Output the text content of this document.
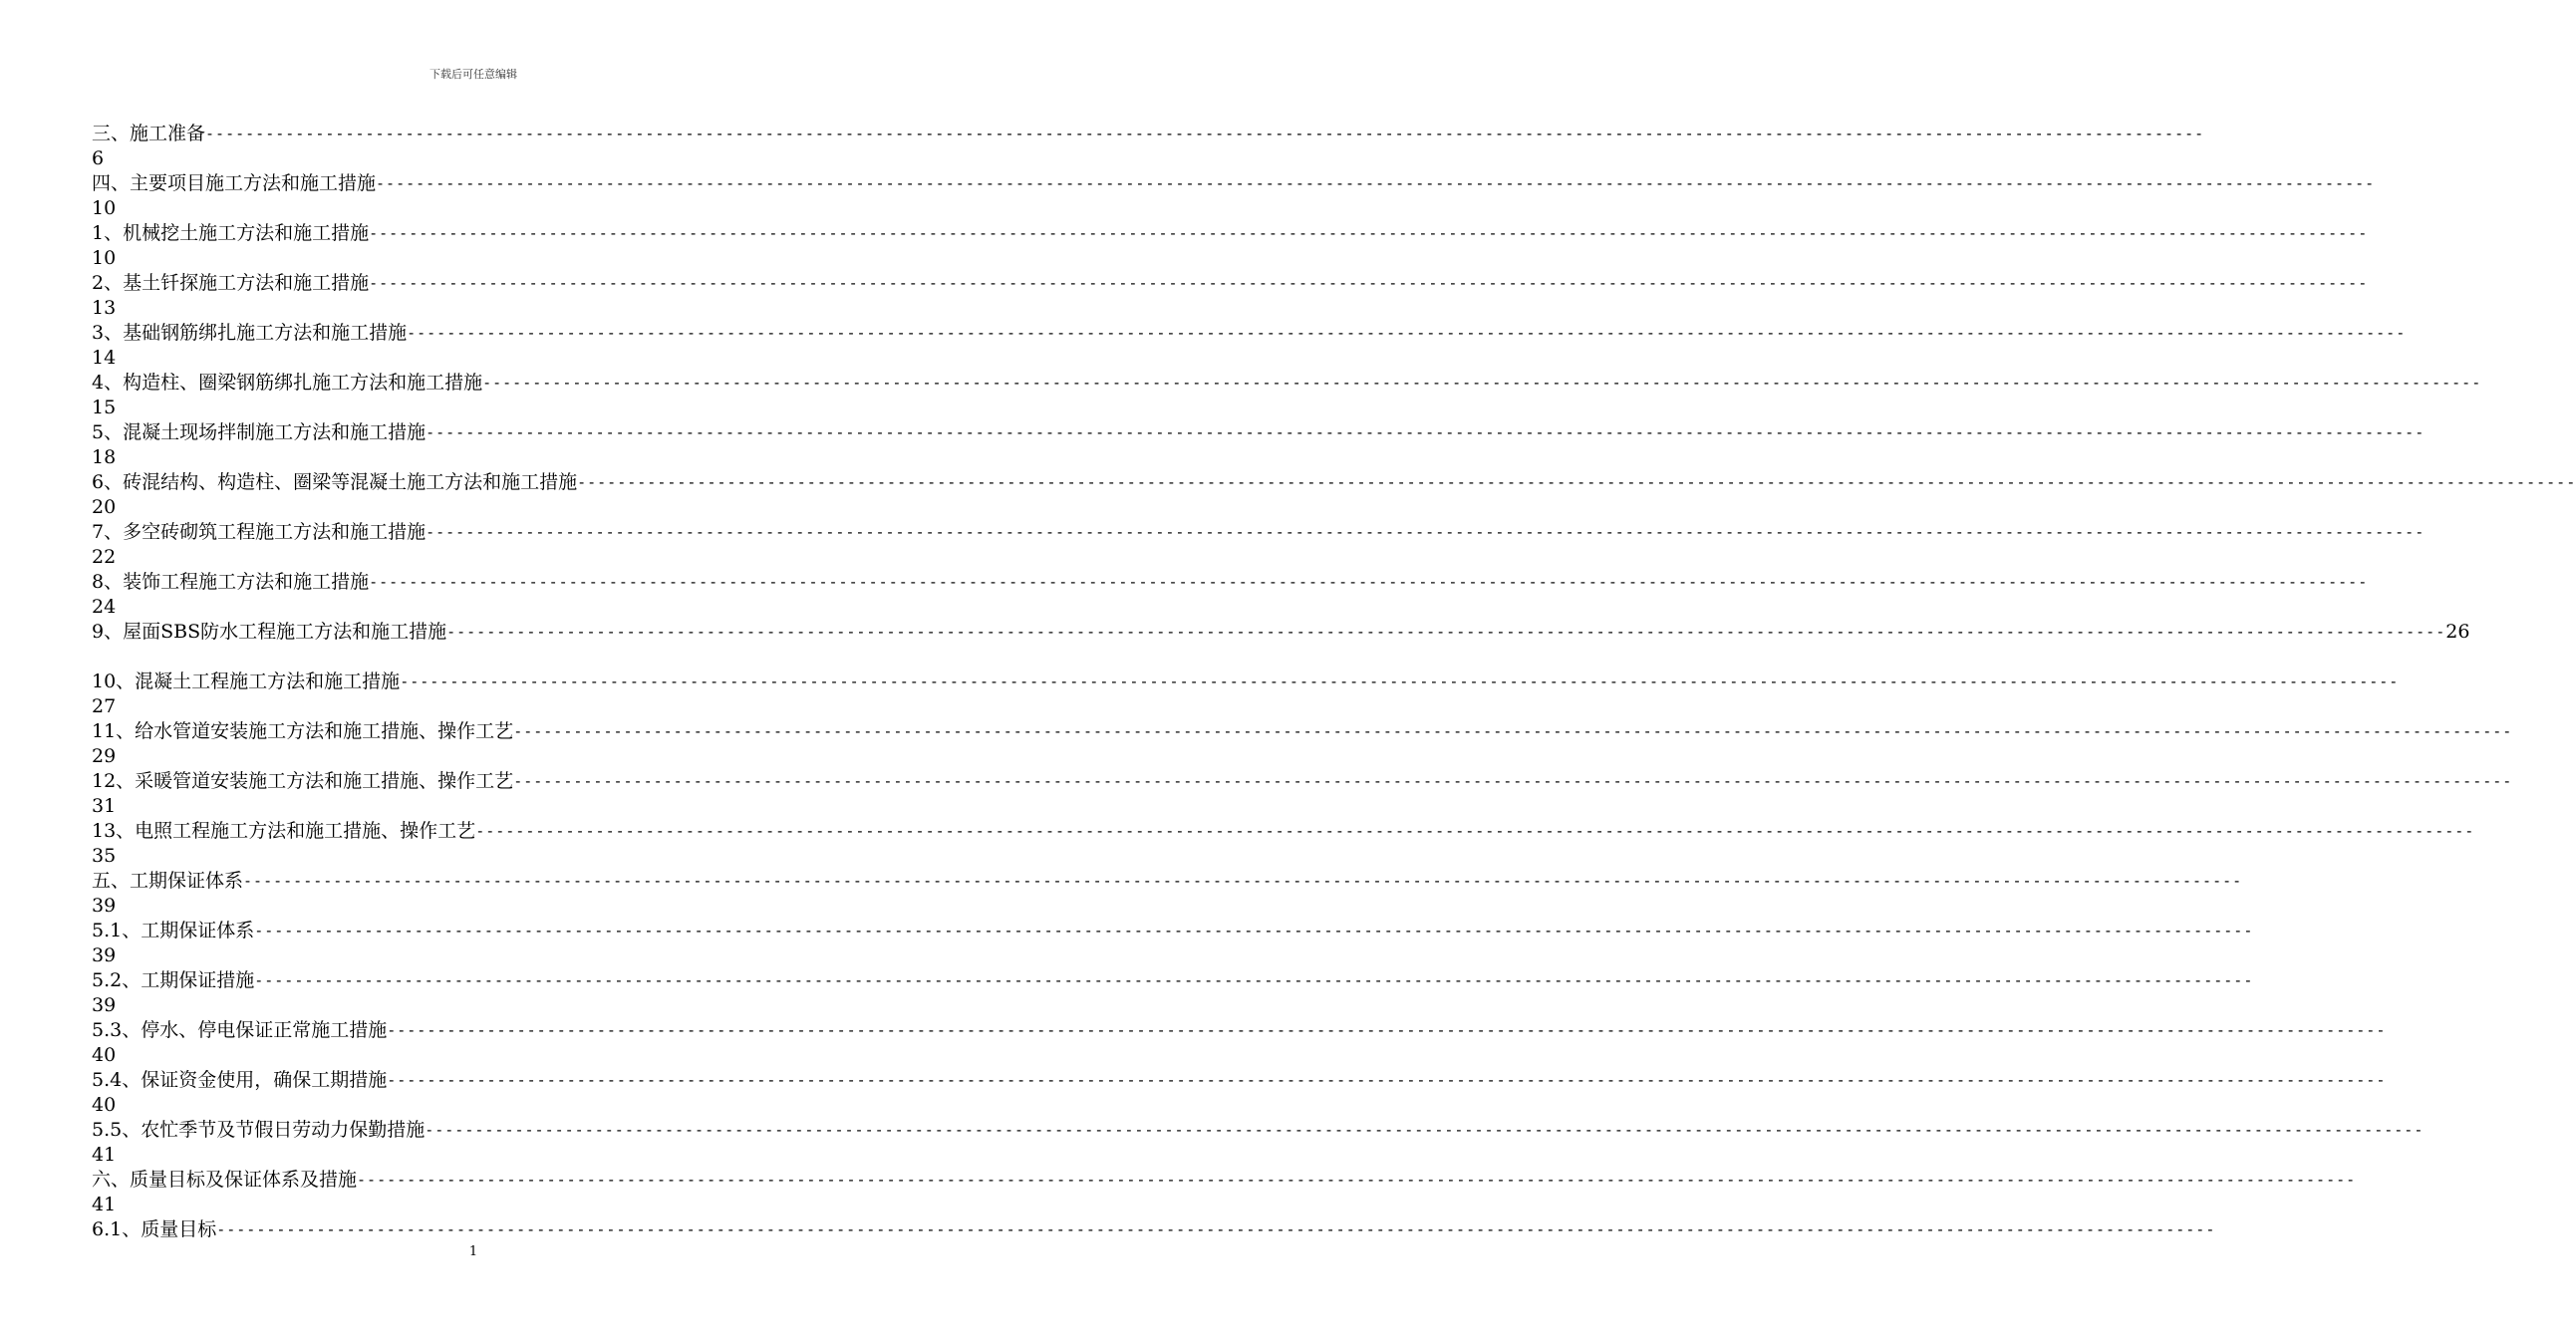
下载后可任意编辑
三、施工准备 --------------------------------------------------------------------------------------------------------------------------------------------------------------------------------------------------------
6
四、主要项目施工方法和施工措施 --------------------------------------------------------------------------------------------------------------------------------------------------------------------------------------------------------
10
1、机械挖土施工方法和施工措施 --------------------------------------------------------------------------------------------------------------------------------------------------------------------------------------------------------
10
2、基土钎探施工方法和施工措施 --------------------------------------------------------------------------------------------------------------------------------------------------------------------------------------------------------
13
3、基础钢筋绑扎施工方法和施工措施 --------------------------------------------------------------------------------------------------------------------------------------------------------------------------------------------------------
14
4、构造柱、圈梁钢筋绑扎施工方法和施工措施 --------------------------------------------------------------------------------------------------------------------------------------------------------------------------------------------------------
15
5、混凝土现场拌制施工方法和施工措施 --------------------------------------------------------------------------------------------------------------------------------------------------------------------------------------------------------
18
6、砖混结构、构造柱、圈梁等混凝土施工方法和施工措施 --------------------------------------------------------------------------------------------------------------------------------------------------------------------------------------------------------
20
7、多空砖砌筑工程施工方法和施工措施 --------------------------------------------------------------------------------------------------------------------------------------------------------------------------------------------------------
22
8、装饰工程施工方法和施工措施 --------------------------------------------------------------------------------------------------------------------------------------------------------------------------------------------------------
24
9、屋面SBS防水工程施工方法和施工措施 -------------------------------------------------------------------------------------------------------------------------------------------------------------------------------------------------------- 26
10、混凝土工程施工方法和施工措施 --------------------------------------------------------------------------------------------------------------------------------------------------------------------------------------------------------
27
11、给水管道安装施工方法和施工措施、操作工艺 --------------------------------------------------------------------------------------------------------------------------------------------------------------------------------------------------------
29
12、采暖管道安装施工方法和施工措施、操作工艺 --------------------------------------------------------------------------------------------------------------------------------------------------------------------------------------------------------
31
13、电照工程施工方法和施工措施、操作工艺 --------------------------------------------------------------------------------------------------------------------------------------------------------------------------------------------------------
35
五、工期保证体系 --------------------------------------------------------------------------------------------------------------------------------------------------------------------------------------------------------
39
5.1、工期保证体系 --------------------------------------------------------------------------------------------------------------------------------------------------------------------------------------------------------
39
5.2、工期保证措施 --------------------------------------------------------------------------------------------------------------------------------------------------------------------------------------------------------
39
5.3、停水、停电保证正常施工措施 --------------------------------------------------------------------------------------------------------------------------------------------------------------------------------------------------------
40
5.4、保证资金使用，确保工期措施 --------------------------------------------------------------------------------------------------------------------------------------------------------------------------------------------------------
40
5.5、农忙季节及节假日劳动力保勤措施 --------------------------------------------------------------------------------------------------------------------------------------------------------------------------------------------------------
41
六、质量目标及保证体系及措施 --------------------------------------------------------------------------------------------------------------------------------------------------------------------------------------------------------
41
6.1、质量目标 --------------------------------------------------------------------------------------------------------------------------------------------------------------------------------------------------------
1
